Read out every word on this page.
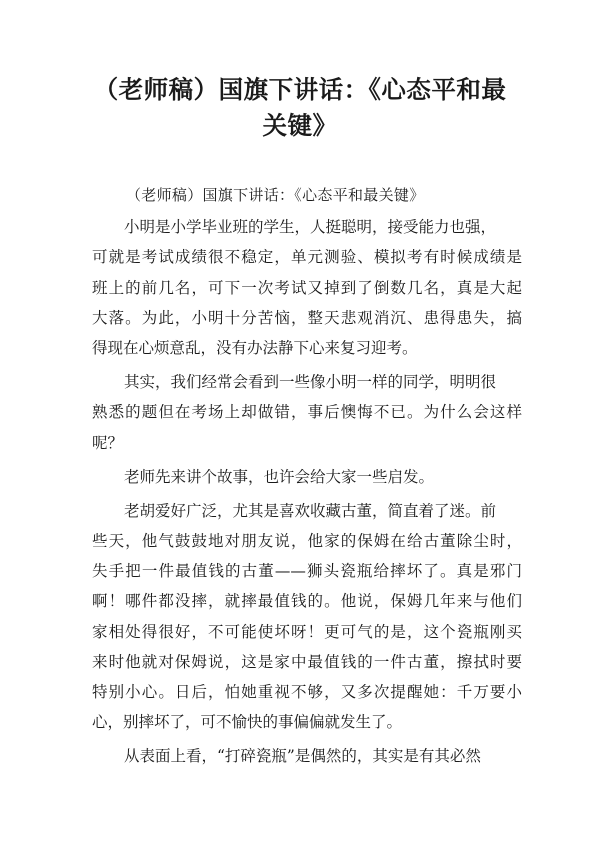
（老师稿）国旗下讲话：《心态平和最
关键》
（老师稿）国旗下讲话：《心态平和最关键》
小明是小学毕业班的学生，人挺聪明，接受能力也强，
可就是考试成绩很不稳定，单元测验、模拟考有时候成绩是
班上的前几名，可下一次考试又掉到了倒数几名，真是大起
大落。为此，小明十分苦恼，整天悲观消沉、患得患失，搞
得现在心烦意乱，没有办法静下心来复习迎考。
其实，我们经常会看到一些像小明一样的同学，明明很
熟悉的题但在考场上却做错，事后懊悔不已。为什么会这样
呢？
老师先来讲个故事，也许会给大家一些启发。
老胡爱好广泛，尤其是喜欢收藏古董，简直着了迷。前
些天，他气鼓鼓地对朋友说，他家的保姆在给古董除尘时，
失手把一件最值钱的古董——狮头瓷瓶给摔坏了。真是邪门
啊！哪件都没摔，就摔最值钱的。他说，保姆几年来与他们
家相处得很好，不可能使坏呀！更可气的是，这个瓷瓶刚买
来时他就对保姆说，这是家中最值钱的一件古董，擦拭时要
特别小心。日后，怕她重视不够，又多次提醒她：千万要小
心，别摔坏了，可不愉快的事偏偏就发生了。
从表面上看，“打碎瓷瓶”是偶然的，其实是有其必然
